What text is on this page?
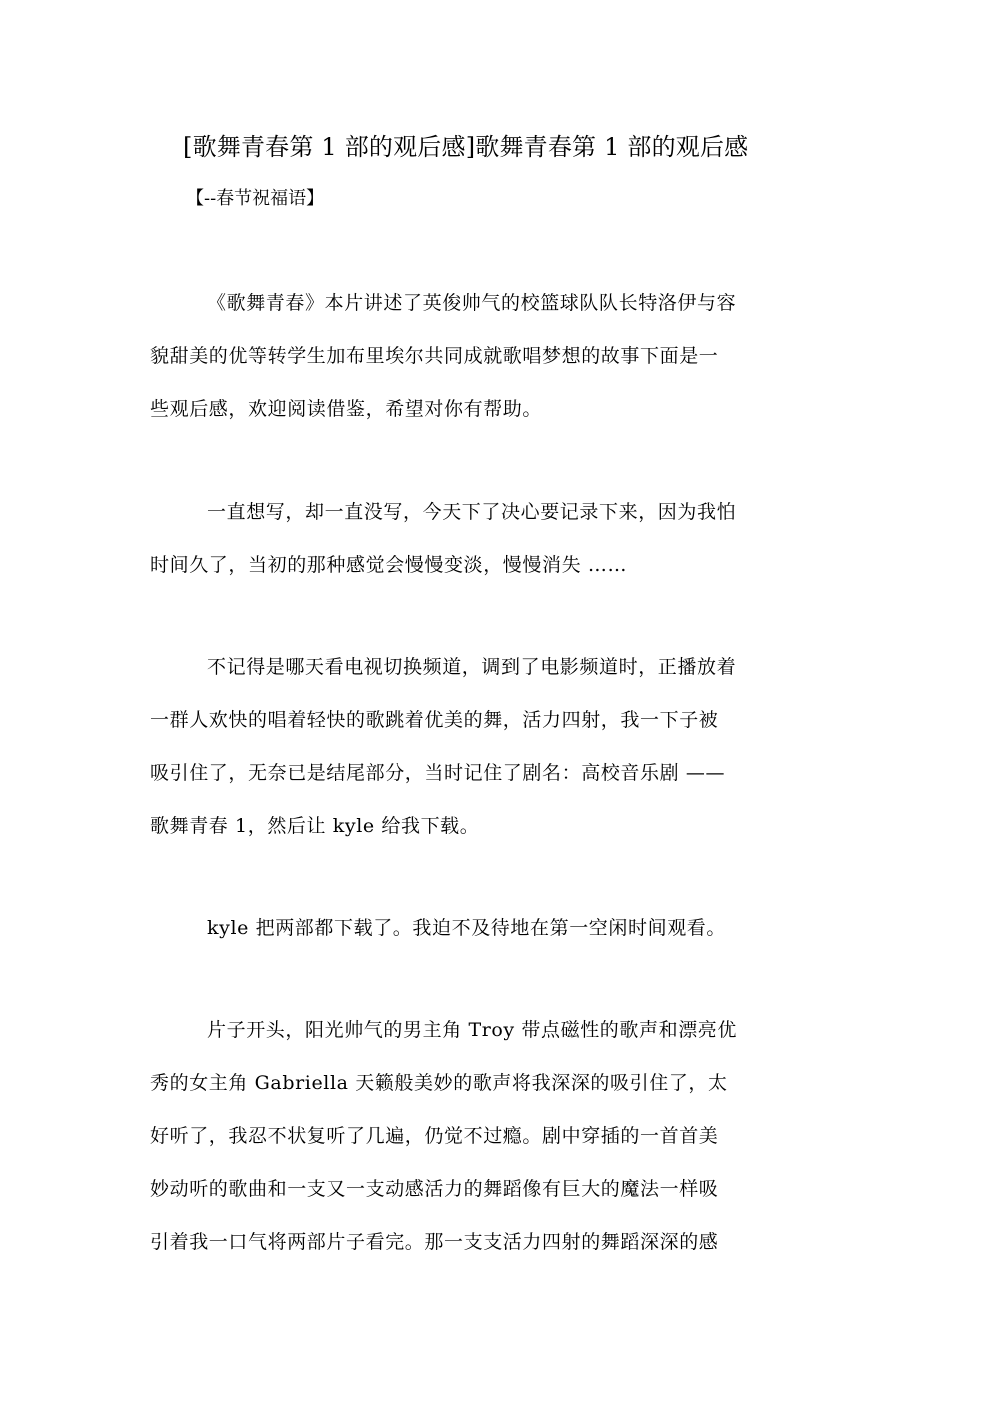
[歌舞青春第 1 部的观后感]歌舞青春第 1 部的观后感
【--春节祝福语】
《歌舞青春》本片讲述了英俊帅气的校篮球队队长特洛伊与容
貌甜美的优等转学生加布里埃尔共同成就歌唱梦想的故事下面是一
些观后感，欢迎阅读借鉴，希望对你有帮助。
一直想写，却一直没写，今天下了决心要记录下来，因为我怕
时间久了，当初的那种感觉会慢慢变淡，慢慢消失 ……
不记得是哪天看电视切换频道，调到了电影频道时，正播放着
一群人欢快的唱着轻快的歌跳着优美的舞，活力四射，我一下子被
吸引住了，无奈已是结尾部分，当时记住了剧名：高校音乐剧 ——
歌舞青春 1，然后让 kyle 给我下载。
kyle 把两部都下载了。我迫不及待地在第一空闲时间观看。
片子开头，阳光帅气的男主角 Troy 带点磁性的歌声和漂亮优
秀的女主角 Gabriella 天籁般美妙的歌声将我深深的吸引住了，太
好听了，我忍不状复听了几遍，仍觉不过瘾。剧中穿插的一首首美
妙动听的歌曲和一支又一支动感活力的舞蹈像有巨大的魔法一样吸
引着我一口气将两部片子看完。那一支支活力四射的舞蹈深深的感
